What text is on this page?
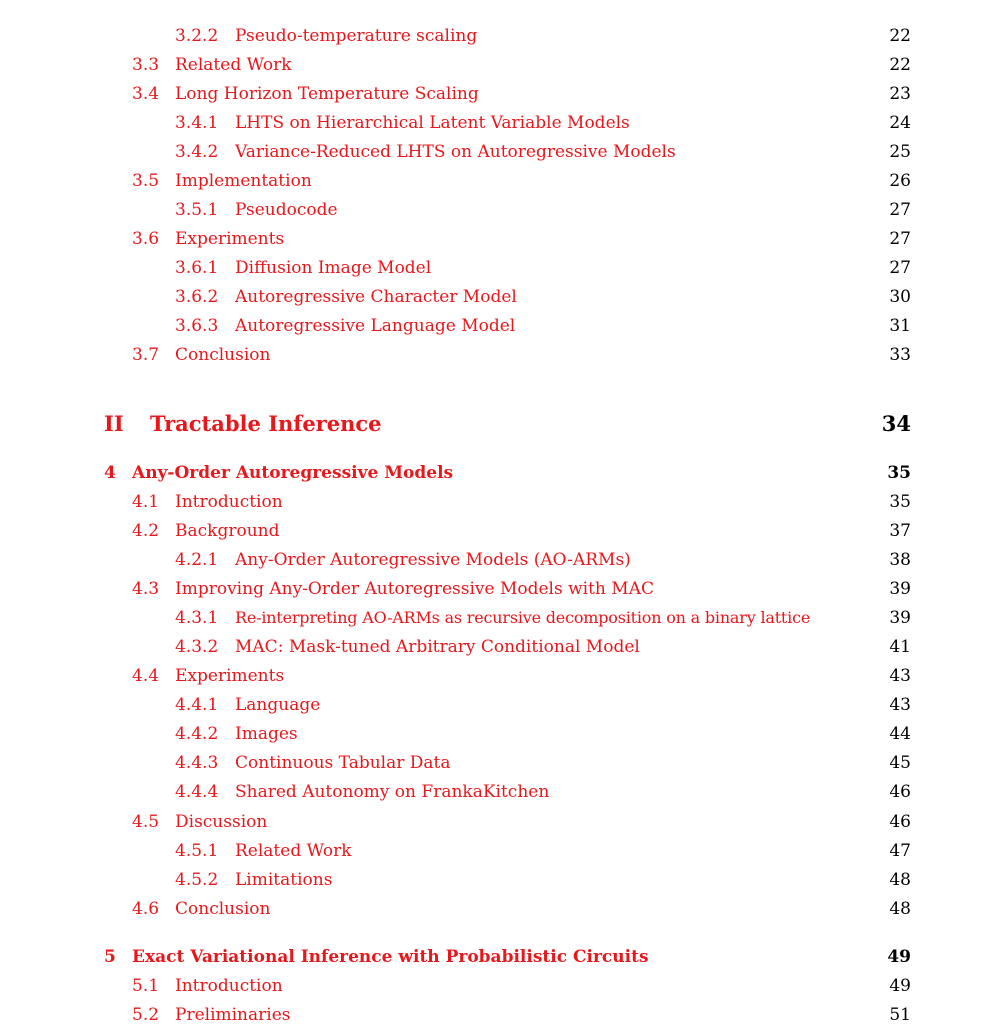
3.2.2 Pseudo-temperature scaling	22
3.3 Related Work	22
3.4 Long Horizon Temperature Scaling	23
3.4.1 LHTS on Hierarchical Latent Variable Models	24
3.4.2 Variance-Reduced LHTS on Autoregressive Models	25
3.5 Implementation	26
3.5.1 Pseudocode	27
3.6 Experiments	27
3.6.1 Diffusion Image Model	27
3.6.2 Autoregressive Character Model	30
3.6.3 Autoregressive Language Model	31
3.7 Conclusion	33
II Tractable Inference	34
4 Any-Order Autoregressive Models	35
4.1 Introduction	35
4.2 Background	37
4.2.1 Any-Order Autoregressive Models (AO-ARMs)	38
4.3 Improving Any-Order Autoregressive Models with MAC	39
4.3.1 Re-interpreting AO-ARMs as recursive decomposition on a binary lattice	39
4.3.2 MAC: Mask-tuned Arbitrary Conditional Model	41
4.4 Experiments	43
4.4.1 Language	43
4.4.2 Images	44
4.4.3 Continuous Tabular Data	45
4.4.4 Shared Autonomy on FrankaKitchen	46
4.5 Discussion	46
4.5.1 Related Work	47
4.5.2 Limitations	48
4.6 Conclusion	48
5 Exact Variational Inference with Probabilistic Circuits	49
5.1 Introduction	49
5.2 Preliminaries	51
